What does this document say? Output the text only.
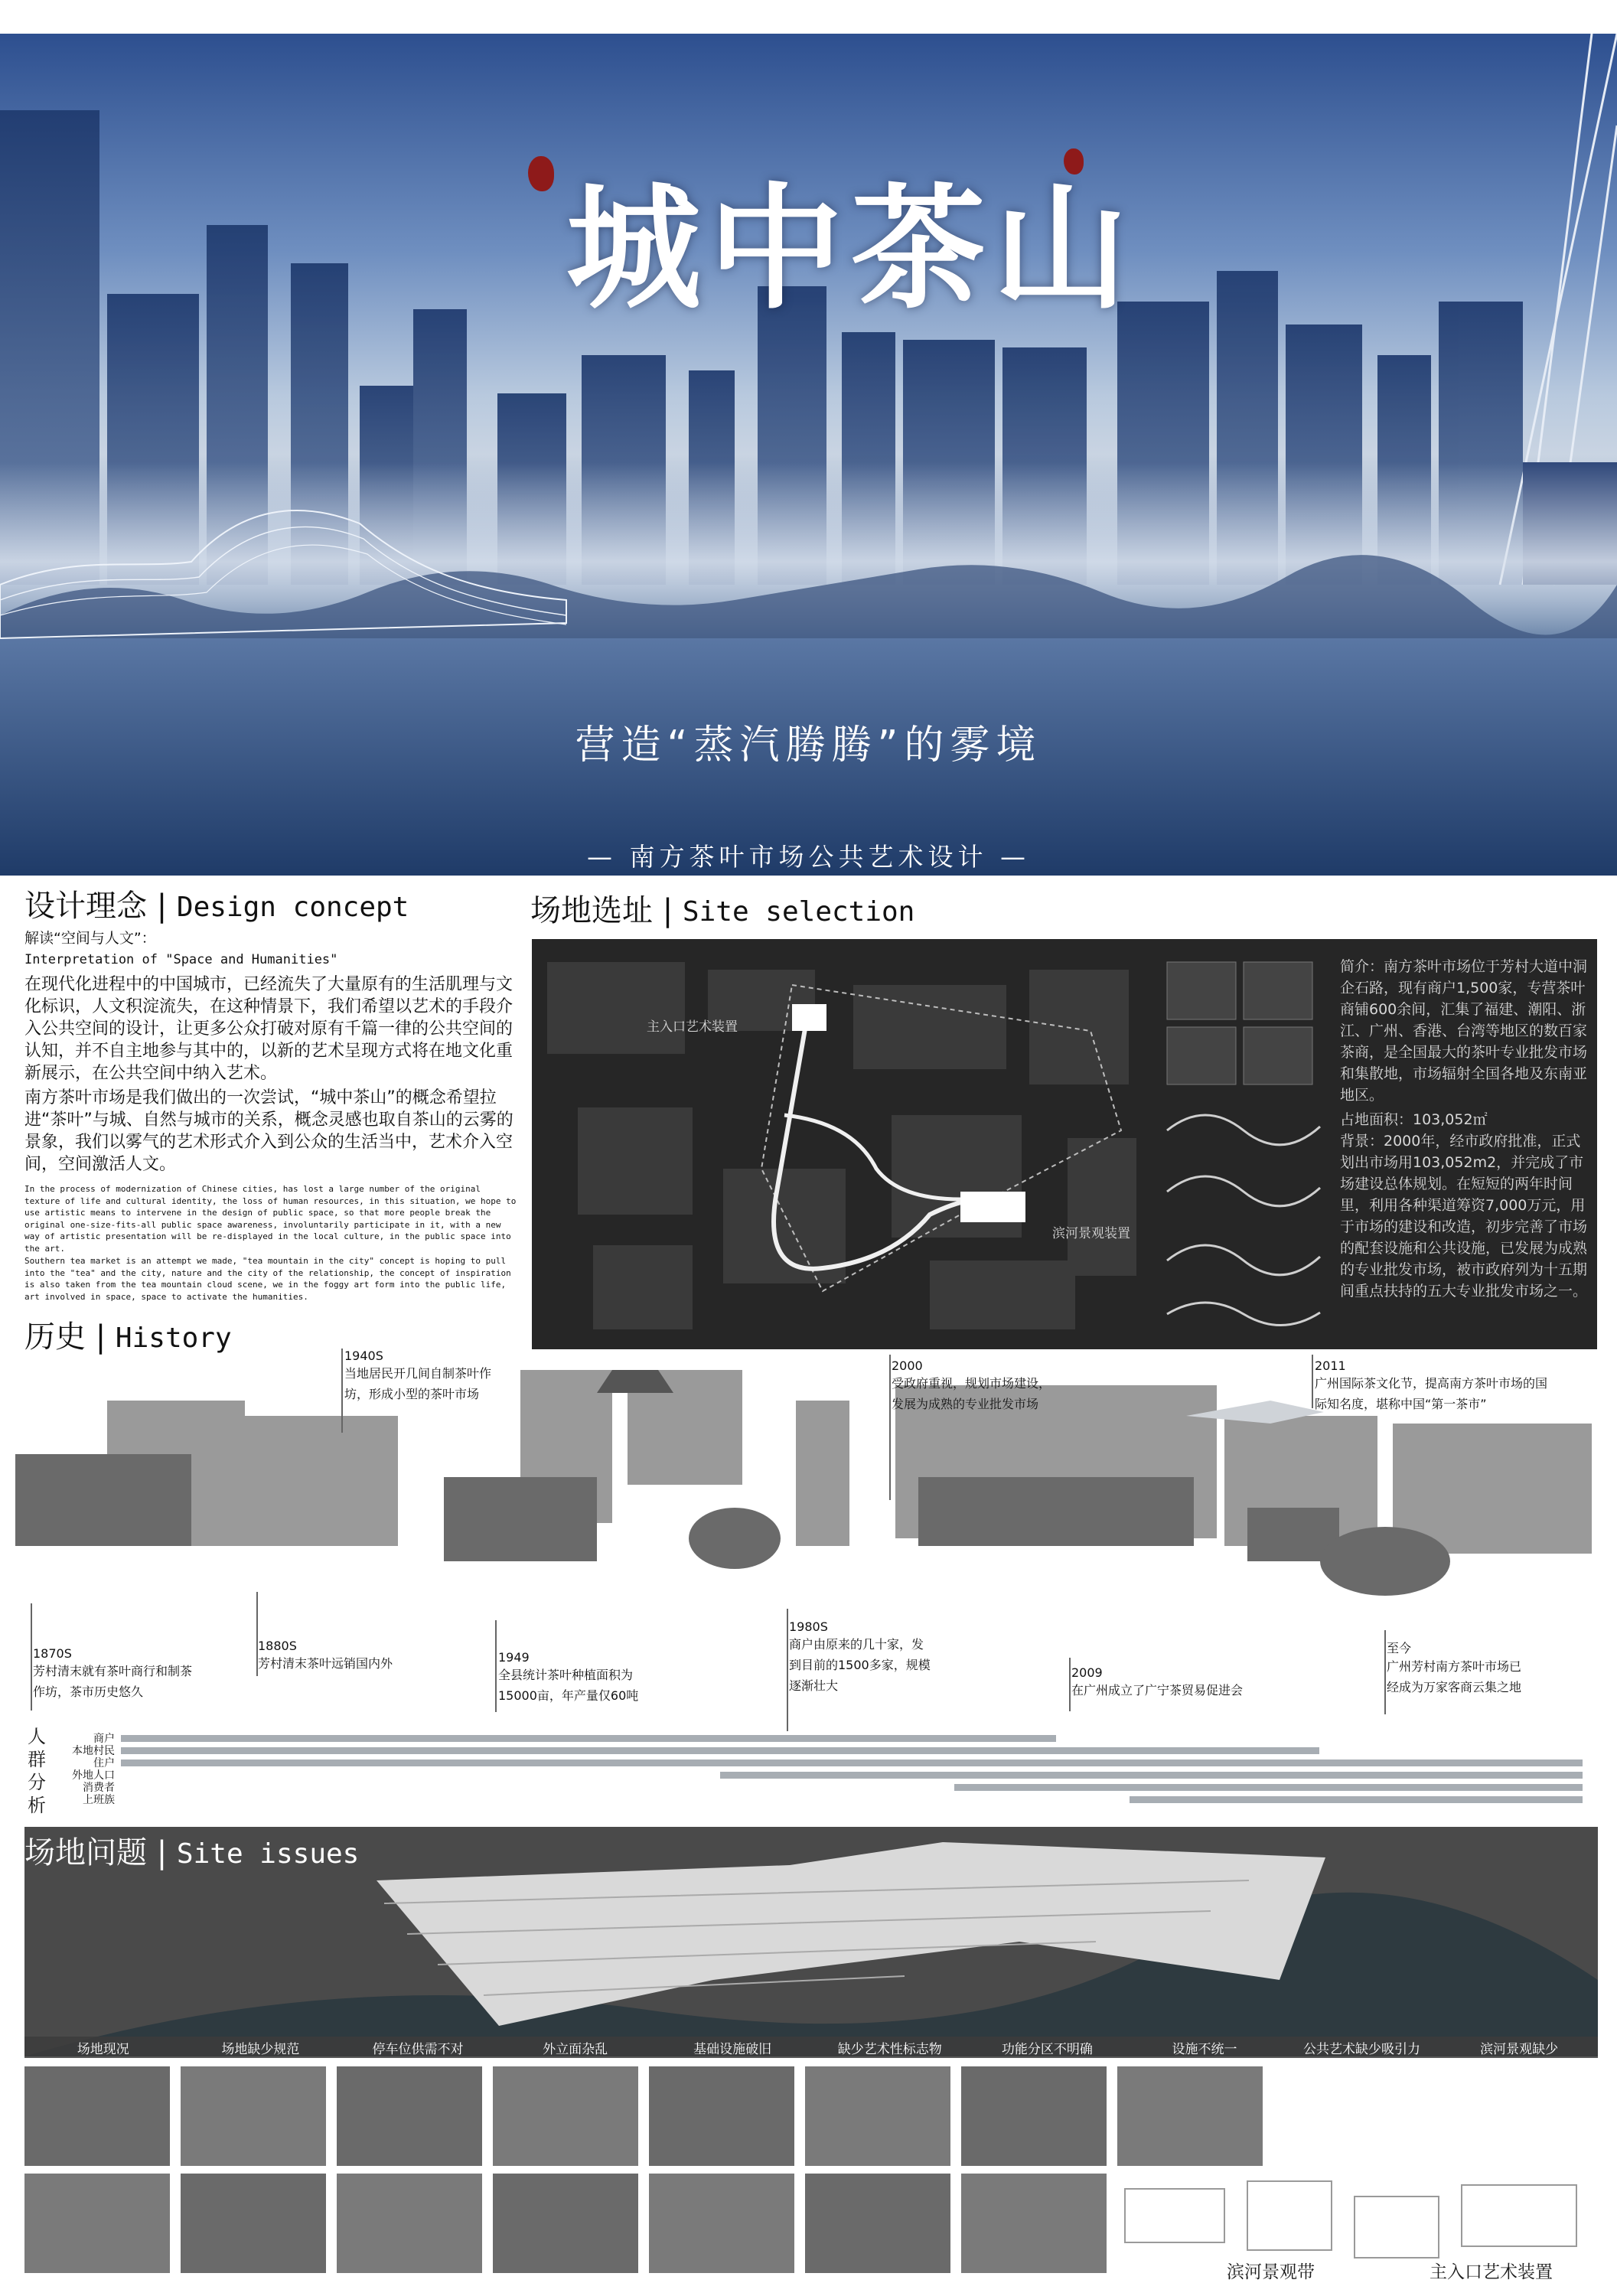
城中茶山
营造“蒸汽腾腾”的雾境
— 南方茶叶市场公共艺术设计 —
Public art design of Chashan Southern Tea Market in the city
设计理念 | Design concept
解读“空间与人文”：
Interpretation of "Space and Humanities"
在现代化进程中的中国城市，已经流失了大量原有的生活肌理与文化标识，人文积淀流失，在这种情景下，我们希望以艺术的手段介入公共空间的设计，让更多公众打破对原有千篇一律的公共空间的认知，并不自主地参与其中的，以新的艺术呈现方式将在地文化重新展示，在公共空间中纳入艺术。
南方茶叶市场是我们做出的一次尝试，“城中茶山”的概念希望拉进“茶叶”与城、自然与城市的关系，概念灵感也取自茶山的云雾的景象，我们以雾气的艺术形式介入到公众的生活当中，艺术介入空间，空间激活人文。
In the process of modernization of Chinese cities, has lost a large number of the original texture of life and cultural identity, the loss of human resources, in this situation, we hope to use artistic means to intervene in the design of public space, so that more people break the original one-size-fits-all public space awareness, involuntarily participate in it, with a new way of artistic presentation will be re-displayed in the local culture, in the public space into the art.
Southern tea market is an attempt we made, "tea mountain in the city" concept is hoping to pull into the "tea" and the city, nature and the city of the relationship, the concept of inspiration is also taken from the tea mountain cloud scene, we in the foggy art form into the public life, art involved in space, space to activate the humanities.
场地选址 | Site selection
主入口艺术装置
滨河景观装置
简介：南方茶叶市场位于芳村大道中洞企石路，现有商户1,500家，专营茶叶商铺600余间，汇集了福建、潮阳、浙江、广州、香港、台湾等地区的数百家茶商，是全国最大的茶叶专业批发市场和集散地，市场辐射全国各地及东南亚地区。
占地面积：103,052㎡
背景：2000年，经市政府批准，正式划出市场用103,052m2，并完成了市场建设总体规划。在短短的两年时间里，利用各种渠道筹资7,000万元，用于市场的建设和改造，初步完善了市场的配套设施和公共设施，已发展为成熟的专业批发市场，被市政府列为十五期间重点扶持的五大专业批发市场之一。
历史 | History
1870S
芳村清末就有茶叶商行和制茶
作坊，茶市历史悠久
1880S
芳村清末茶叶远销国内外
1940S
当地居民开几间自制茶叶作
坊，形成小型的茶叶市场
1949
全县统计茶叶种植面积为
15000亩，年产量仅60吨
1980S
商户由原来的几十家，发
到目前的1500多家，规模
逐渐壮大
2000
受政府重视，规划市场建设，
发展为成熟的专业批发市场
2009
在广州成立了广宁茶贸易促进会
2011
广州国际茶文化节，提高南方茶叶市场的国
际知名度，堪称中国“第一茶市”
至今
广州芳村南方茶叶市场已
经成为万家客商云集之地
人群分析
商户
本地村民
住户
外地人口
消费者
上班族
场地问题 | Site issues
场地现况	场地缺少规范	停车位供需不对	外立面杂乱	基础设施破旧	缺少艺术性标志物	功能分区不明确	设施不统一	公共艺术缺少吸引力	滨河景观缺少
滨河景观带	主入口艺术装置
